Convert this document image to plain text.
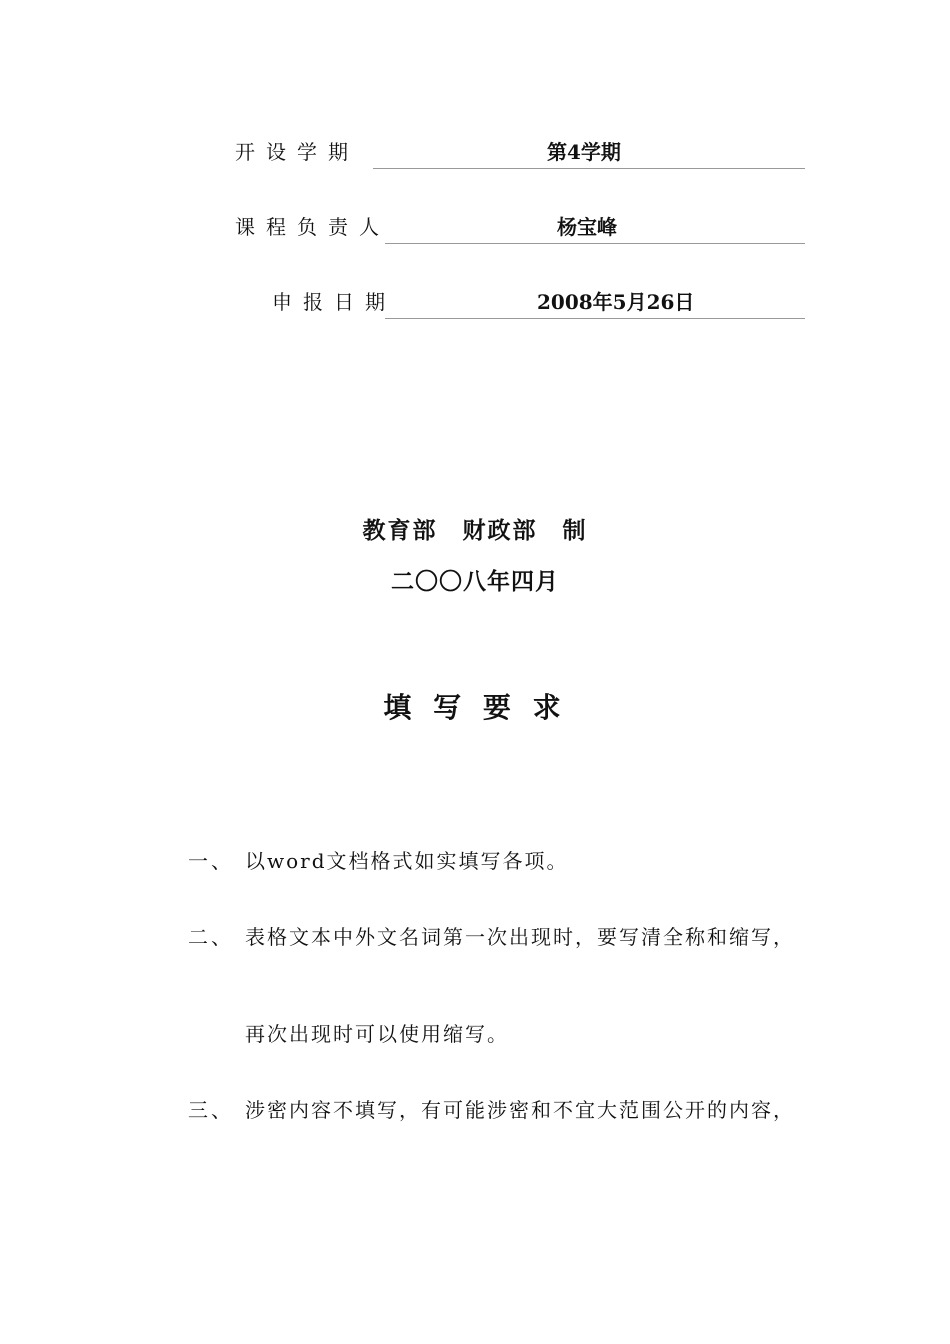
开设学期	第4学期
课程负责人	杨宝峰
申报日期	2008年5月26日
教育部　财政部　制
二〇〇八年四月
填 写 要 求
一、 以word文档格式如实填写各项。
二、 表格文本中外文名词第一次出现时，要写清全称和缩写，
再次出现时可以使用缩写。
三、 涉密内容不填写，有可能涉密和不宜大范围公开的内容，
